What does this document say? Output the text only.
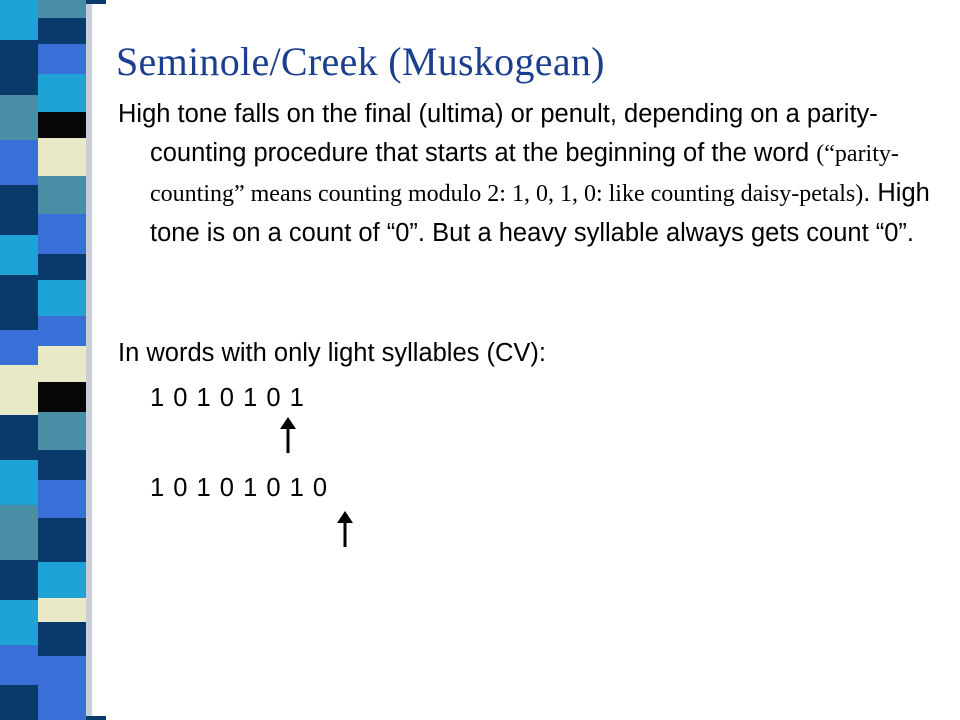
Seminole/Creek (Muskogean)
High tone falls on the final (ultima) or penult, depending on a parity-counting procedure that starts at the beginning of the word (“parity-counting” means counting modulo 2: 1, 0, 1, 0: like counting daisy-petals). High tone is on a count of “0”. But a heavy syllable always gets count “0”.
In words with only light syllables (CV):
1 0 1 0 1 0 1
1 0 1 0 1 0 1 0
